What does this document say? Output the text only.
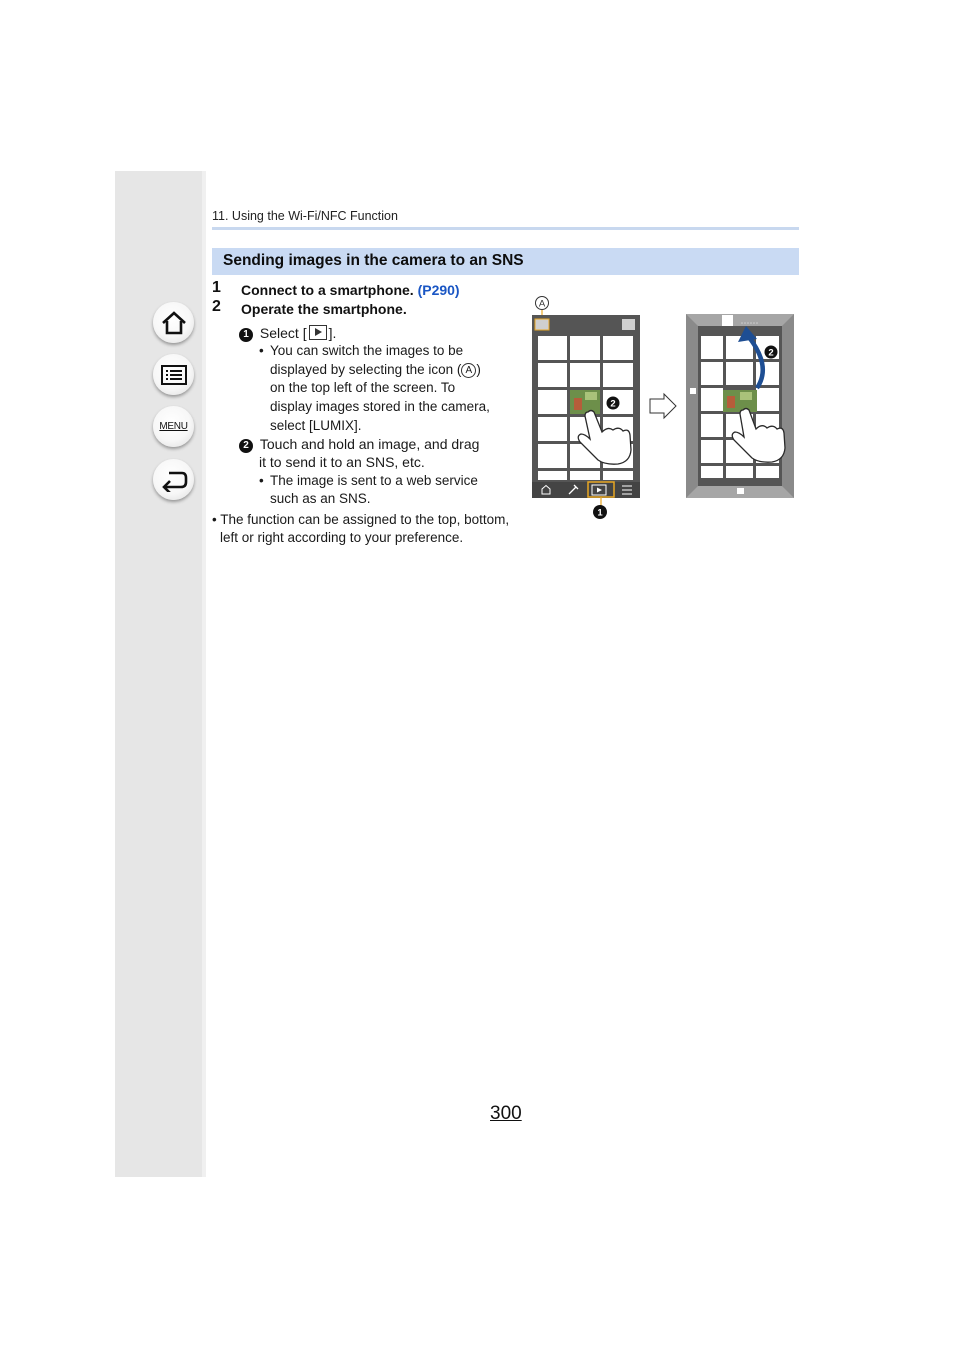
MENU
11. Using the Wi-Fi/NFC Function
Sending images in the camera to an SNS
1 Connect to a smartphone. (P290)
2 Operate the smartphone.
1 Select [ ].
• You can switch the images to be
displayed by selecting the icon ( A )
on the top left of the screen. To
display images stored in the camera,
select [LUMIX].
2 Touch and hold an image, and drag
it to send it to an SNS, etc.
• The image is sent to a web service
such as an SNS.
• The function can be assigned to the top, bottom,
left or right according to your preference.
A
2
1
2
300
